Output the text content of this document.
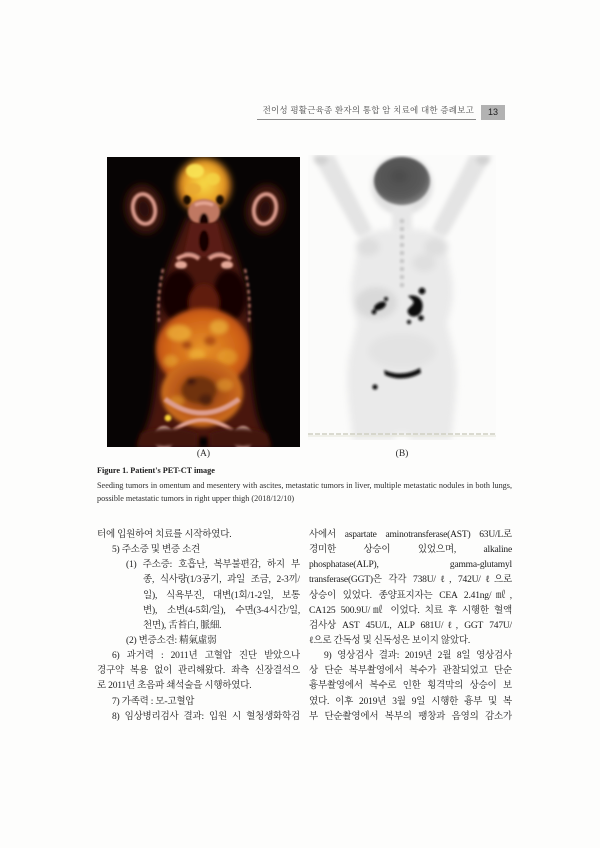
전이성 평활근육종 환자의 통합 암 치료에 대한 증례보고	13
(A)	(B)
Figure 1. Patient's PET-CT image
Seeding tumors in omentum and mesentery with ascites, metastatic tumors in liver, multiple metastatic nodules in both lungs, possible metastatic tumors in right upper thigh (2018/12/10)
터에 입원하여 치료를 시작하였다.
5) 주소증 및 변증 소견
(1) 주소증: 호흡난, 복부불편감, 하지 부
종, 식사량(1/3공기, 과일 조금, 2-3끼/
일), 식욕부진, 대변(1회/1-2일, 보통
변), 소변(4-5회/일), 수면(3-4시간/일,
천면), 舌苔白, 脈細.
(2) 변증소견: 精氣虛弱
6) 과거력 : 2011년 고혈압 진단 받았으나
경구약 복용 없이 관리해왔다. 좌측 신장결석으
로 2011년 초음파 쇄석술을 시행하였다.
7) 가족력 : 모-고혈압
8) 임상병리검사 결과: 입원 시 혈청생화학검
사에서 aspartate aminotransferase(AST) 63U/L로
경미한 상승이 있었으며, alkaline
phosphatase(ALP), gamma-glutamyl
transferase(GGT)은 각각 738U/ℓ, 742U/ℓ으로
상승이 있었다. 종양표지자는 CEA 2.41ng/㎖,
CA125 500.9U/㎖ 이었다. 치료 후 시행한 혈액
검사상 AST 45U/L, ALP 681U/ℓ, GGT 747U/
ℓ으로 간독성 및 신독성은 보이지 않았다.
9) 영상검사 결과: 2019년 2월 8일 영상검사
상 단순 복부촬영에서 복수가 관찰되었고 단순
흉부촬영에서 복수로 인한 횡격막의 상승이 보
였다. 이후 2019년 3월 9일 시행한 흉부 및 복
부 단순촬영에서 복부의 팽창과 음영의 감소가
